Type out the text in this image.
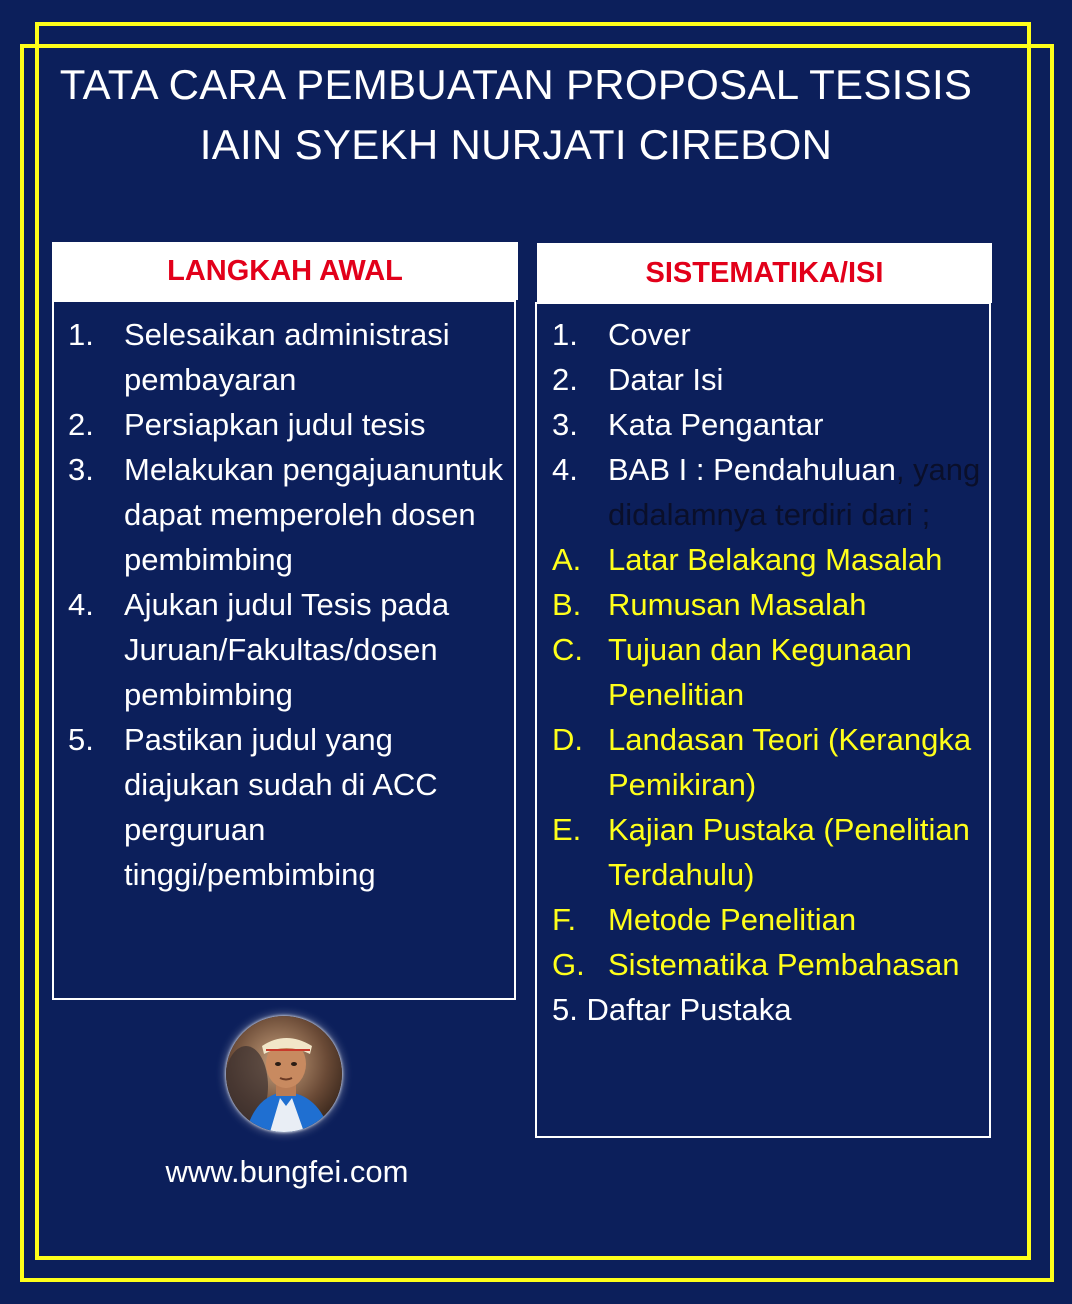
TATA CARA PEMBUATAN PROPOSAL TESISIS
IAIN SYEKH NURJATI CIREBON
LANGKAH AWAL
1. Selesaikan administrasi pembayaran
2. Persiapkan judul tesis
3. Melakukan pengajuanuntuk dapat memperoleh dosen pembimbing
4. Ajukan judul Tesis pada Juruan/Fakultas/dosen pembimbing
5. Pastikan judul yang diajukan sudah di ACC perguruan tinggi/pembimbing
SISTEMATIKA/ISI
1. Cover
2. Datar Isi
3. Kata Pengantar
4. BAB I : Pendahuluan, yang didalamnya terdiri dari ;
A. Latar Belakang Masalah
B. Rumusan Masalah
C. Tujuan dan Kegunaan Penelitian
D. Landasan Teori (Kerangka Pemikiran)
E. Kajian Pustaka (Penelitian Terdahulu)
F.	Metode Penelitian
G. Sistematika Pembahasan
5. Daftar Pustaka
www.bungfei.com
